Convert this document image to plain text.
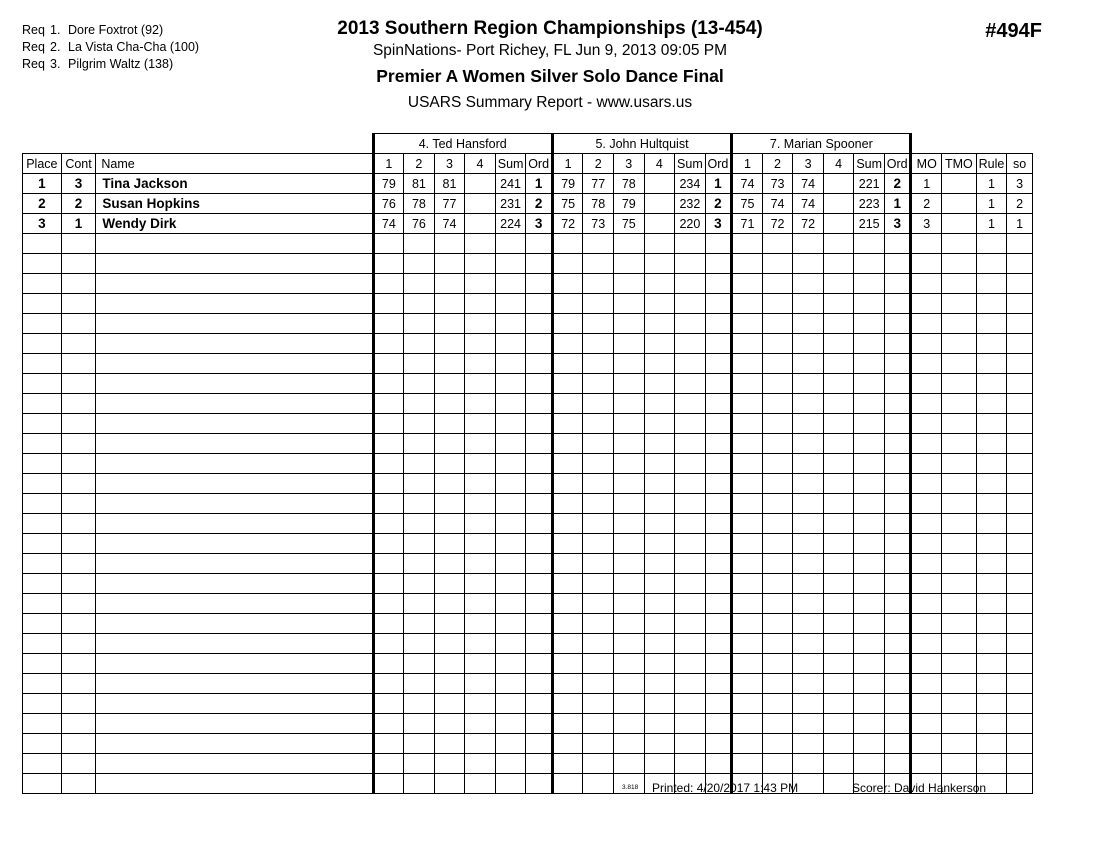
Req 1. Dore Foxtrot (92)
Req 2. La Vista Cha-Cha (100)
Req 3. Pilgrim Waltz (138)
2013 Southern Region Championships (13-454)
SpinNations- Port Richey, FL Jun 9, 2013 09:05 PM
Premier A Women Silver Solo Dance Final
USARS Summary Report - www.usars.us
#494F
			4. Ted Hansford						5. John Hultquist						7. Marian Spooner									
Place	Cont	Name	1	2	3	4	Sum	Ord	1	2	3	4	Sum	Ord	1	2	3	4	Sum	Ord	MO	TMO	Rule	so
1	3	Tina Jackson	79	81	81		241	1	79	77	78		234	1	74	73	74		221	2	1		1	3
2	2	Susan Hopkins	76	78	77		231	2	75	78	79		232	2	75	74	74		223	1	2		1	2
3	1	Wendy Dirk	74	76	74		224	3	72	73	75		220	3	71	72	72		215	3	3		1	1

3.818 Printed: 4/20/2017 1:43 PM	Scorer: David Hankerson
